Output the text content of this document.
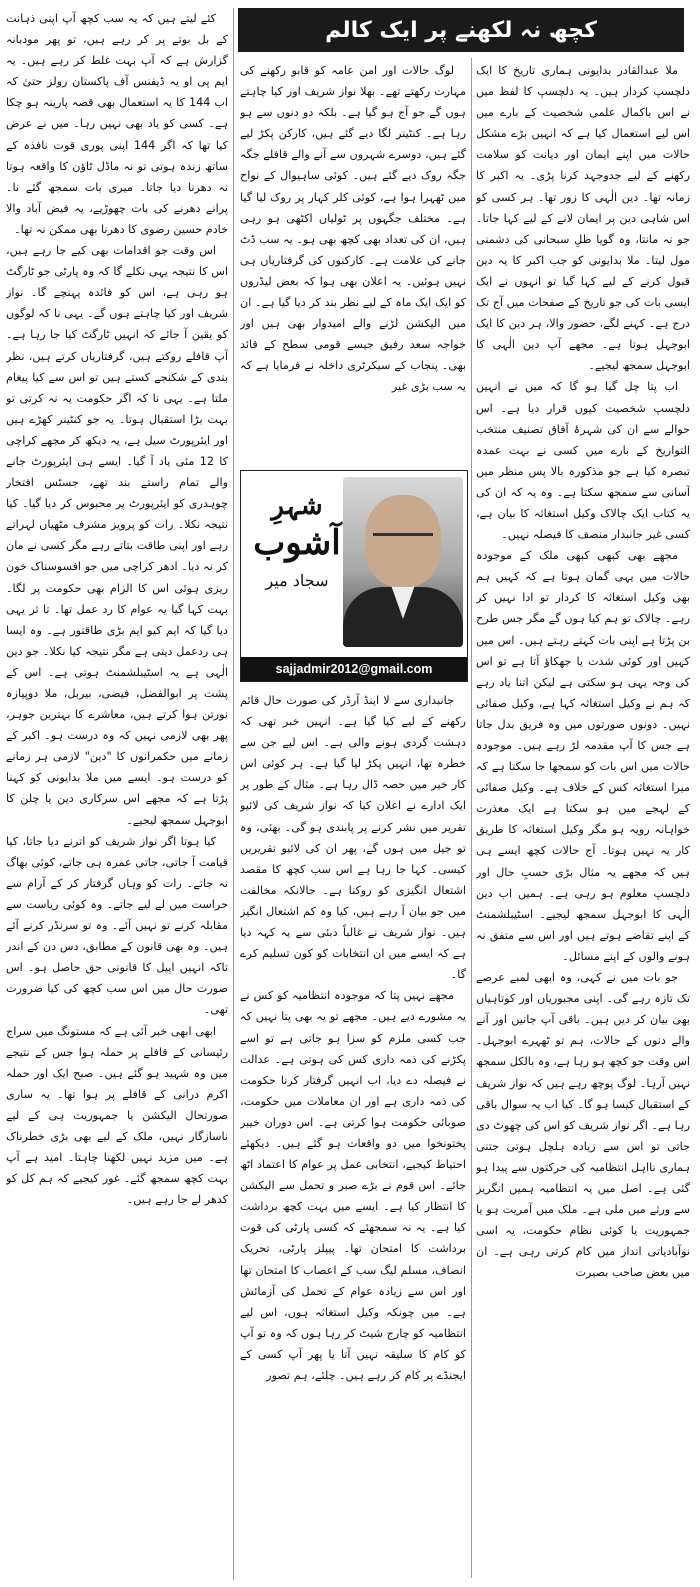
کچھ نہ لکھنے پر ایک کالم

ملا عبدالقادر بدایونی ہماری تاریخ کا ایک دلچسپ کردار ہیں۔ یہ دلچسپ کا لفظ میں نے اس باکمال علمی شخصیت کے بارے میں اس لیے استعمال کیا ہے کہ انہیں بڑے مشکل حالات میں اپنے ایمان اور دیانت کو سلامت رکھنے کے لیے جدوجہد کرنا پڑی۔ یہ اکبر کا زمانہ تھا۔ دین الٰہی کا زور تھا۔ ہر کسی کو اس شاہی دین پر ایمان لانے کے لیے کہا جاتا۔ جو نہ مانتا، وہ گویا ظلِ سبحانی کی دشمنی مول لیتا۔ ملا بدایونی کو جب اکبر کا یہ دین قبول کرنے کے لیے کہا گیا تو انہوں نے ایک ایسی بات کی جو تاریخ کے صفحات میں آج تک درج ہے۔ کہنے لگے، حضور والا، ہر دین کا ایک ابوجہل ہوتا ہے۔ مجھے آپ دین الٰہی کا ابوجہل سمجھ لیجیے۔

اب پتا چل گیا ہو گا کہ میں نے انہیں دلچسپ شخصیت کیوں قرار دیا ہے۔ اس حوالے سے ان کی شہرۂ آفاق تصنیف منتخب التواریخ کے بارے میں کسی نے بہت عمدہ تبصرہ کیا ہے جو مذکورہ بالا پس منظر میں آسانی سے سمجھ سکتا ہے۔ وہ یہ کہ ان کی یہ کتاب ایک چالاک وکیل استغاثہ کا بیان ہے، کسی غیر جانبدار منصف کا فیصلہ نہیں۔

مجھے بھی کبھی کبھی ملک کے موجودہ حالات میں یہی گمان ہوتا ہے کہ کہیں ہم بھی وکیل استغاثہ کا کردار تو ادا نہیں کر رہے۔ چالاک تو ہم کیا ہوں گے مگر جس طرح بن پڑتا ہے اپنی بات کہتے رہتے ہیں۔ اس میں کہیں اور کوئی شدت یا جھکاؤ آتا ہے تو اس کی وجہ یہی ہو سکتی ہے لیکن اتنا یاد رہے کہ ہم نے وکیل استغاثہ کہا ہے، وکیل صفائی نہیں۔ دونوں صورتوں میں وہ فریق بدل جاتا ہے جس کا آپ مقدمہ لڑ رہے ہیں۔ موجودہ حالات میں اس بات کو سمجھا جا سکتا ہے کہ میرا استغاثہ کس کے خلاف ہے۔ وکیل صفائی کے لہجے میں ہو سکتا ہے ایک معذرت خواہانہ رویہ ہو مگر وکیل استغاثہ کا طریق کار یہ نہیں ہوتا۔ آج حالات کچھ ایسے ہی ہیں کہ مجھے یہ مثال بڑی حسبِ حال اور دلچسپ معلوم ہو رہی ہے۔ ہمیں اب دین الٰہی کا ابوجہل سمجھ لیجیے۔ اسٹیبلشمنٹ کے اپنے تقاضے ہوتے ہیں اور اس سے متفق نہ ہونے والوں کے اپنے مسائل۔

جو بات میں نے کہی، وہ ابھی لمبے عرصے تک تازہ رہے گی۔ اپنی مجبوریاں اور کوتاہیاں بھی بیان کر دیں ہیں۔ باقی آپ جانیں اور آنے والے دنوں کے حالات، ہم تو ٹھہرے ابوجہل۔ اس وقت جو کچھ ہو رہا ہے، وہ بالکل سمجھ نہیں آرہا۔ لوگ پوچھ رہے ہیں کہ نواز شریف کے استقبال کیسا ہو گا۔ کیا اب یہ سوال باقی رہا ہے۔ اگر نواز شریف کو اس کی چھوٹ دی جاتی تو اس سے زیادہ ہلچل ہوتی جتنی ہماری نااہل انتظامیہ کی حرکتوں سے پیدا ہو گئی ہے۔ اصل میں یہ انتظامیہ ہمیں انگریز سے ورثے میں ملی ہے۔ ملک میں آمریت ہو یا جمہوریت یا کوئی نظام حکومت، یہ اسی نوآبادیاتی انداز میں کام کرتی رہی ہے۔ ان میں بعض صاحب بصیرت

لوگ حالات اور امن عامہ کو قابو رکھنے کی مہارت رکھتے تھے۔ بھلا نواز شریف اور کیا چاہتے ہوں گے جو آج ہو گیا ہے۔ بلکہ دو دنوں سے ہو رہا ہے۔ کنٹینر لگا دیے گئے ہیں، کارکن پکڑ لیے گئے ہیں، دوسرے شہروں سے آنے والے قافلے جگہ جگہ روک دیے گئے ہیں۔ کوئی ساہیوال کے نواح میں ٹھہرا ہوا ہے، کوئی کلر کہار پر روک لیا گیا ہے۔ مختلف جگہوں پر ٹولیاں اکٹھی ہو رہی ہیں، ان کی تعداد بھی کچھ بھی ہو۔ یہ سب ڈٹ جانے کی علامت ہے۔ کارکنوں کی گرفتاریاں ہی نہیں ہوئیں۔ یہ اعلان بھی ہوا کہ بعض لیڈروں کو ایک ایک ماہ کے لیے نظر بند کر دیا گیا ہے۔ ان میں الیکشن لڑنے والے امیدوار بھی ہیں اور خواجہ سعد رفیق جیسے قومی سطح کے قائد بھی۔ پنجاب کے سیکرٹری داخلہ نے فرمایا ہے کہ یہ سب بڑی غیر

شہرِ
آشوب
سجاد میر
sajjadmir2012@gmail.com

جانبداری سے لا اینڈ آرڈر کی صورت حال قائم رکھنے کے لیے کیا گیا ہے۔ انہیں خبر تھی کہ دہشت گردی ہونے والی ہے۔ اس لیے جن سے خطرہ تھا، انہیں پکڑ لیا گیا ہے۔ ہر کوئی اس کار خیر میں حصہ ڈال رہا ہے۔ مثال کے طور پر ایک ادارے نے اعلان کیا کہ نواز شریف کی لائیو تقریر میں نشر کرنے پر پابندی ہو گی۔ بھئی، وہ تو جیل میں ہوں گے، پھر ان کی لائیو تقریریں کیسی۔ کہا جا رہا ہے اس سب کچھ کا مقصد اشتعال انگیزی کو روکنا ہے۔ حالانکہ مخالفت میں جو بیان آ رہے ہیں، کیا وہ کم اشتعال انگیز ہیں۔ نواز شریف نے غالباً دبئی سے یہ کہہ دیا ہے کہ ایسے میں ان انتخابات کو کون تسلیم کرے گا۔

مجھے نہیں پتا کہ موجودہ انتظامیہ کو کس نے یہ مشورے دیے ہیں۔ مجھے تو یہ بھی پتا نہیں کہ جب کسی ملزم کو سزا ہو جاتی ہے تو اسے پکڑنے کی ذمہ داری کس کی ہوتی ہے۔ عدالت نے فیصلہ دے دیا، اب انہیں گرفتار کرنا حکومت کی ذمہ داری ہے اور ان معاملات میں حکومت، صوبائی حکومت ہوا کرتی ہے۔ اس دوران خیبر پختونخوا میں دو واقعات ہو گئے ہیں۔ دیکھئے احتیاط کیجیے، انتخابی عمل پر عوام کا اعتماد اٹھ جائے۔ اس قوم نے بڑے صبر و تحمل سے الیکشن کا انتظار کیا ہے۔ ایسے میں بہت کچھ برداشت کیا ہے۔ یہ نہ سمجھئے کہ کسی پارٹی کی قوت برداشت کا امتحان تھا۔ پیپلز پارٹی، تحریک انصاف، مسلم لیگ سب کے اعصاب کا امتحان تھا اور اس سے زیادہ عوام کے تحمل کی آزمائش ہے۔ میں چونکہ وکیل استغاثہ ہوں، اس لیے انتظامیہ کو چارج شیٹ کر رہا ہوں کہ وہ تو آپ کو کام کا سلیقہ نہیں آتا یا پھر آپ کسی کے ایجنڈے پر کام کر رہے ہیں۔ چلئے، ہم تصور

کئے لیتے ہیں کہ یہ سب کچھ آپ اپنی ذہانت کے بل بوتے پر کر رہے ہیں، تو پھر مودبانہ گزارش ہے کہ آپ بہت غلط کر رہے ہیں۔ یہ ایم پی او یہ ڈیفنس آف پاکستان رولز حتیٰ کہ اب 144 کا یہ استعمال بھی قصہ پارینہ ہو چکا ہے۔ کسی کو یاد بھی نہیں رہا۔ میں نے عرض کیا تھا کہ اگر 144 اپنی پوری قوت نافذہ کے ساتھ زندہ ہوتی تو نہ ماڈل ٹاؤن کا واقعہ ہوتا نہ دھرنا دیا جاتا۔ میری بات سمجھ گئے نا۔ پرانے دھرنے کی بات چھوڑیے، یہ فیض آباد والا خادم حسین رضوی کا دھرنا بھی ممکن نہ تھا۔

اس وقت جو اقدامات بھی کیے جا رہے ہیں، اس کا نتیجہ یہی نکلے گا کہ وہ پارٹی جو ٹارگٹ ہو رہی ہے، اس کو فائدہ پہنچے گا۔ نواز شریف اور کیا چاہتے ہوں گے۔ یہی نا کہ لوگوں کو یقین آ جائے کہ انہیں ٹارگٹ کیا جا رہا ہے۔ آپ قافلے روکتے ہیں، گرفتاریاں کرتے ہیں، نظر بندی کے شکنجے کستے ہیں تو اس سے کیا پیغام ملتا ہے۔ یہی نا کہ اگر حکومت یہ نہ کرتی تو بہت بڑا استقبال ہوتا۔ یہ جو کنٹینر کھڑے ہیں اور ایئرپورٹ سیل ہے، یہ دیکھ کر مجھے کراچی کا 12 مئی یاد آ گیا۔ ایسے ہی ایئرپورٹ جانے والے تمام راستے بند تھے، جسٹس افتخار چوہدری کو ایئرپورٹ پر محبوس کر دیا گیا۔ کیا نتیجہ نکلا۔ رات کو پرویز مشرف مٹھیاں لہراتے رہے اور اپنی طاقت بتاتے رہے مگر کسی نے مان کر نہ دیا۔ ادھر کراچی میں جو افسوسناک خون ریزی ہوئی اس کا الزام بھی حکومت پر لگا۔ بہت کہا گیا یہ عوام کا رد عمل تھا۔ تا ثر یہی دیا گیا کہ ایم کیو ایم بڑی طاقتور ہے۔ وہ ایسا ہی ردعمل دیتی ہے مگر نتیجہ کیا نکلا۔ جو دین الٰہی ہے یہ اسٹیبلشمنٹ ہوتی ہے۔ اس کے پشت پر ابوالفضل، فیضی، بیربل، ملا دوپیازہ نورتن ہوا کرتے ہیں، معاشرے کا بہترین جوہر، پھر بھی لازمی نہیں کہ وہ درست ہو۔ اکبر کے زمانے میں حکمرانوں کا "دین" لازمی ہر زمانے کو درست ہو۔ ایسے میں ملا بدایونی کو کہنا پڑتا ہے کہ مجھے اس سرکاری دین یا چلن کا ابوجہل سمجھ لیجیے۔

کیا ہوتا اگر نواز شریف کو اترنے دیا جاتا، کیا قیامت آ جاتی، جاتی عمرہ ہی جاتے، کوئی بھاگ نہ جاتے۔ رات کو وہاں گرفتار کر کے آرام سے حراست میں لے لیے جاتے۔ وہ کوئی ریاست سے مقابلہ کرنے تو نہیں آئے۔ وہ تو سرنڈر کرنے آئے ہیں۔ وہ بھی قانون کے مطابق، دس دن کے اندر تاکہ انہیں اپیل کا قانونی حق حاصل ہو۔ اس صورت حال میں اس سب کچھ کی کیا ضرورت تھی۔

ابھی ابھی خبر آئی ہے کہ مستونگ میں سراج رئیسانی کے قافلے پر حملہ ہوا جس کے نتیجے میں وہ شہید ہو گئے ہیں۔ صبح ایک اور حملہ اکرم درانی کے قافلے پر ہوا تھا۔ یہ ساری صورتحال الیکشن یا جمہوریت ہی کے لیے ناسازگار نہیں، ملک کے لیے بھی بڑی خطرناک ہے۔ میں مزید نہیں لکھنا چاہتا۔ امید ہے آپ بہت کچھ سمجھ گئے۔ غور کیجیے کہ ہم کل کو کدھر لے جا رہے ہیں۔
